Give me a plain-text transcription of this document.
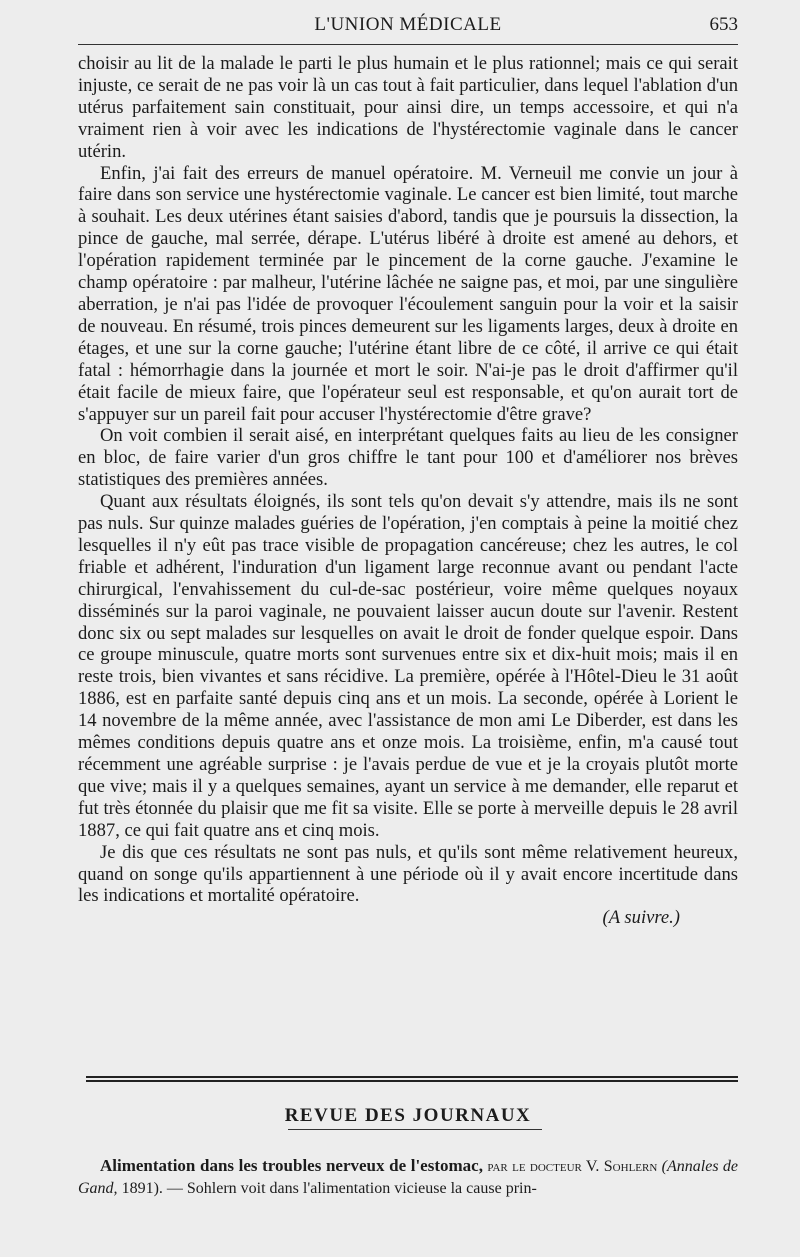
L'UNION MÉDICALE	653

choisir au lit de la malade le parti le plus humain et le plus rationnel; mais ce qui serait injuste, ce serait de ne pas voir là un cas tout à fait particulier, dans lequel l'ablation d'un utérus parfaitement sain constituait, pour ainsi dire, un temps accessoire, et qui n'a vraiment rien à voir avec les indications de l'hystérectomie vaginale dans le cancer utérin.

Enfin, j'ai fait des erreurs de manuel opératoire. M. Verneuil me convie un jour à faire dans son service une hystérectomie vaginale. Le cancer est bien limité, tout marche à souhait. Les deux utérines étant saisies d'abord, tandis que je poursuis la dissection, la pince de gauche, mal serrée, dérape. L'utérus libéré à droite est amené au dehors, et l'opération rapidement terminée par le pincement de la corne gauche. J'examine le champ opératoire : par malheur, l'utérine lâchée ne saigne pas, et moi, par une singulière aberration, je n'ai pas l'idée de provoquer l'écoulement sanguin pour la voir et la saisir de nouveau. En résumé, trois pinces demeurent sur les ligaments larges, deux à droite en étages, et une sur la corne gauche; l'utérine étant libre de ce côté, il arrive ce qui était fatal : hémorrhagie dans la journée et mort le soir. N'ai-je pas le droit d'affirmer qu'il était facile de mieux faire, que l'opérateur seul est responsable, et qu'on aurait tort de s'appuyer sur un pareil fait pour accuser l'hystérectomie d'être grave?

On voit combien il serait aisé, en interprétant quelques faits au lieu de les consigner en bloc, de faire varier d'un gros chiffre le tant pour 100 et d'améliorer nos brèves statistiques des premières années.

Quant aux résultats éloignés, ils sont tels qu'on devait s'y attendre, mais ils ne sont pas nuls. Sur quinze malades guéries de l'opération, j'en comptais à peine la moitié chez lesquelles il n'y eût pas trace visible de propagation cancéreuse; chez les autres, le col friable et adhérent, l'induration d'un ligament large reconnue avant ou pendant l'acte chirurgical, l'envahissement du cul-de-sac postérieur, voire même quelques noyaux disséminés sur la paroi vaginale, ne pouvaient laisser aucun doute sur l'avenir. Restent donc six ou sept malades sur lesquelles on avait le droit de fonder quelque espoir. Dans ce groupe minuscule, quatre morts sont survenues entre six et dix-huit mois; mais il en reste trois, bien vivantes et sans récidive. La première, opérée à l'Hôtel-Dieu le 31 août 1886, est en parfaite santé depuis cinq ans et un mois. La seconde, opérée à Lorient le 14 novembre de la même année, avec l'assistance de mon ami Le Diberder, est dans les mêmes conditions depuis quatre ans et onze mois. La troisième, enfin, m'a causé tout récemment une agréable surprise : je l'avais perdue de vue et je la croyais plutôt morte que vive; mais il y a quelques semaines, ayant un service à me demander, elle reparut et fut très étonnée du plaisir que me fit sa visite. Elle se porte à merveille depuis le 28 avril 1887, ce qui fait quatre ans et cinq mois.

Je dis que ces résultats ne sont pas nuls, et qu'ils sont même relativement heureux, quand on songe qu'ils appartiennent à une période où il y avait encore incertitude dans les indications et mortalité opératoire.

(A suivre.)

REVUE DES JOURNAUX

Alimentation dans les troubles nerveux de l'estomac, par le docteur V. Sohlern (Annales de Gand, 1891). — Sohlern voit dans l'alimentation vicieuse la cause prin-
